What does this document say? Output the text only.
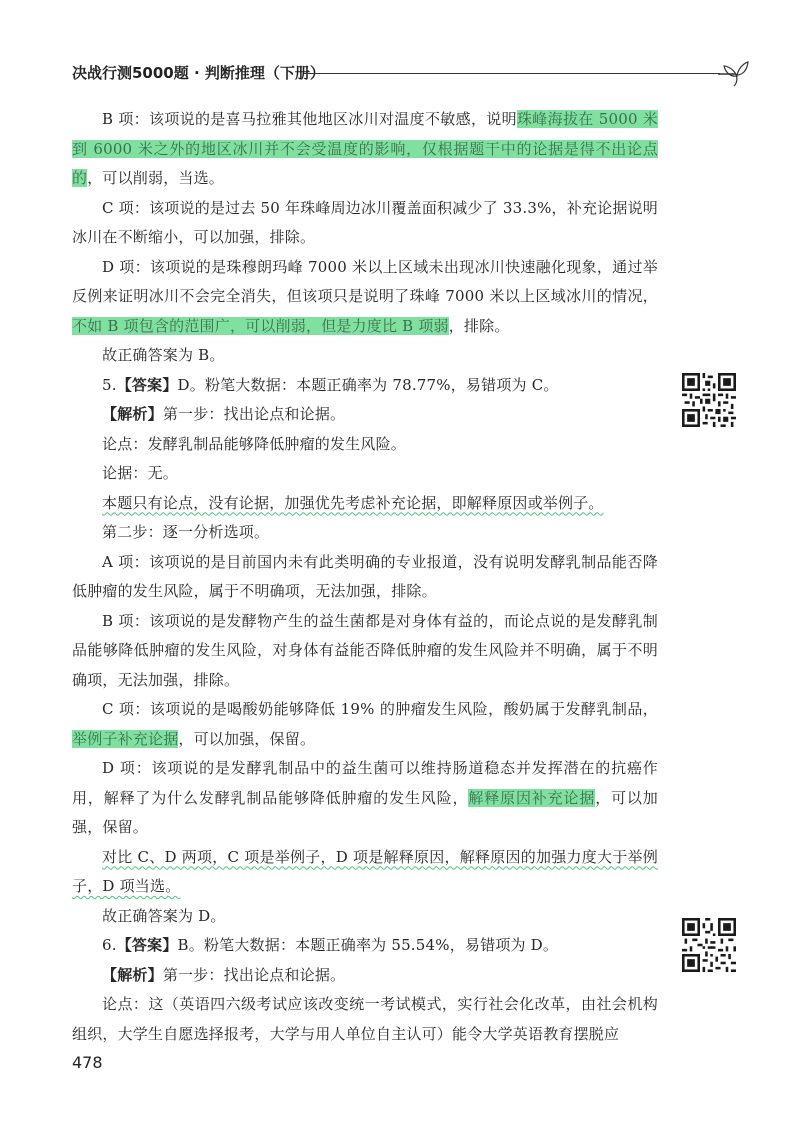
决战行测5000题 · 判断推理（下册）

B 项：该项说的是喜马拉雅其他地区冰川对温度不敏感，说明珠峰海拔在 5000 米到 6000 米之外的地区冰川并不会受温度的影响，仅根据题干中的论据是得不出论点的，可以削弱，当选。

C 项：该项说的是过去 50 年珠峰周边冰川覆盖面积减少了 33.3%，补充论据说明冰川在不断缩小，可以加强，排除。

D 项：该项说的是珠穆朗玛峰 7000 米以上区域未出现冰川快速融化现象，通过举反例来证明冰川不会完全消失，但该项只是说明了珠峰 7000 米以上区域冰川的情况，不如 B 项包含的范围广，可以削弱，但是力度比 B 项弱，排除。

故正确答案为 B。

5.【答案】D。粉笔大数据：本题正确率为 78.77%，易错项为 C。

【解析】第一步：找出论点和论据。

论点：发酵乳制品能够降低肿瘤的发生风险。

论据：无。

本题只有论点，没有论据，加强优先考虑补充论据，即解释原因或举例子。

第二步：逐一分析选项。

A 项：该项说的是目前国内未有此类明确的专业报道，没有说明发酵乳制品能否降低肿瘤的发生风险，属于不明确项，无法加强，排除。

B 项：该项说的是发酵物产生的益生菌都是对身体有益的，而论点说的是发酵乳制品能够降低肿瘤的发生风险，对身体有益能否降低肿瘤的发生风险并不明确，属于不明确项，无法加强，排除。

C 项：该项说的是喝酸奶能够降低 19% 的肿瘤发生风险，酸奶属于发酵乳制品，举例子补充论据，可以加强，保留。

D 项：该项说的是发酵乳制品中的益生菌可以维持肠道稳态并发挥潜在的抗癌作用，解释了为什么发酵乳制品能够降低肿瘤的发生风险，解释原因补充论据，可以加强，保留。

对比 C、D 两项，C 项是举例子，D 项是解释原因，解释原因的加强力度大于举例子，D 项当选。

故正确答案为 D。

6.【答案】B。粉笔大数据：本题正确率为 55.54%，易错项为 D。

【解析】第一步：找出论点和论据。

论点：这（英语四六级考试应该改变统一考试模式，实行社会化改革，由社会机构组织，大学生自愿选择报考，大学与用人单位自主认可）能令大学英语教育摆脱应

478
